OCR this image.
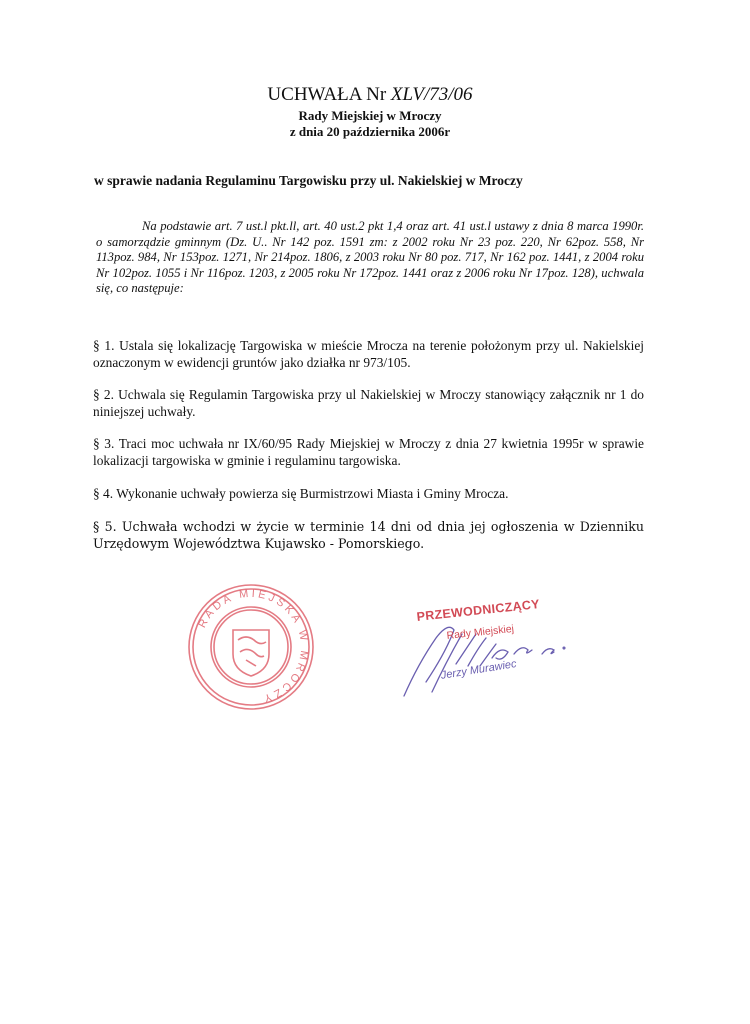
UCHWAŁA Nr XLV/73/06
Rady Miejskiej w Mroczy
z dnia 20 października 2006r
w sprawie nadania Regulaminu Targowisku przy ul. Nakielskiej w Mroczy
Na podstawie art. 7 ust.l pkt.ll, art. 40 ust.2 pkt 1,4 oraz art. 41 ust.l ustawy z dnia 8 marca 1990r. o samorządzie gminnym (Dz. U.. Nr 142 poz. 1591 zm: z 2002 roku Nr 23 poz. 220, Nr 62poz. 558, Nr 113poz. 984, Nr 153poz. 1271, Nr 214poz. 1806, z 2003 roku Nr 80 poz. 717, Nr 162 poz. 1441, z 2004 roku Nr 102poz. 1055 i Nr 116poz. 1203, z 2005 roku Nr 172poz. 1441 oraz z 2006 roku Nr 17poz. 128), uchwala się, co następuje:
§ 1. Ustala się lokalizację Targowiska w mieście Mrocza na terenie położonym przy ul. Nakielskiej oznaczonym w ewidencji gruntów jako działka nr 973/105.
§ 2. Uchwala się Regulamin Targowiska przy ul Nakielskiej w Mroczy stanowiący załącznik nr 1 do niniejszej uchwały.
§ 3. Traci moc uchwała nr IX/60/95 Rady Miejskiej w Mroczy z dnia 27 kwietnia 1995r w sprawie lokalizacji targowiska w gminie i regulaminu targowiska.
§ 4. Wykonanie uchwały powierza się Burmistrzowi Miasta i Gminy Mrocza.
§ 5. Uchwała wchodzi w życie w terminie 14 dni od dnia jej ogłoszenia w Dzienniku Urzędowym Województwa Kujawsko - Pomorskiego.
RADA MIEJSKA W MROCZY
PRZEWODNICZĄCY
Rady Miejskiej
Jerzy Murawiec
